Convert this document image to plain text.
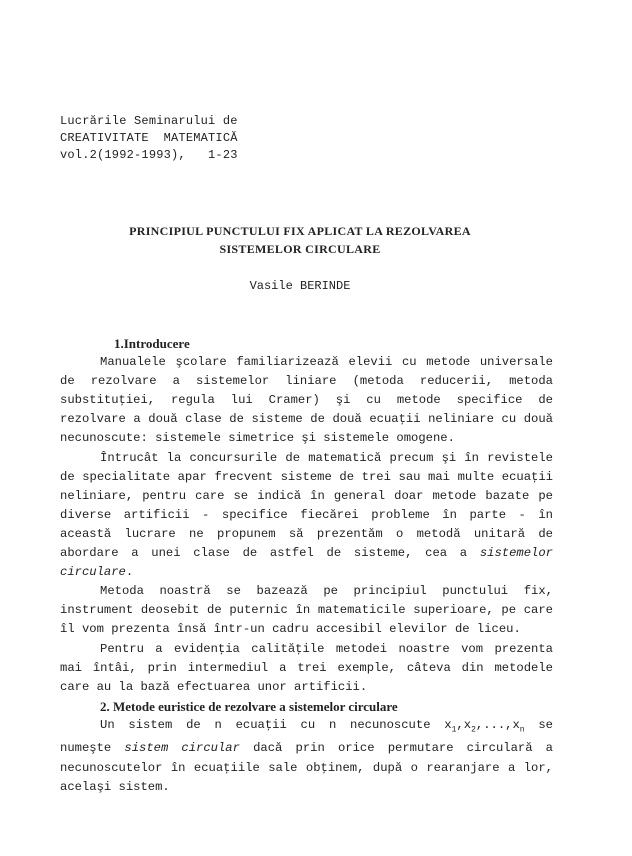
Lucrările Seminarului de
CREATIVITATE  MATEMATICĂ
vol.2(1992-1993),   1-23
PRINCIPIUL PUNCTULUI FIX APLICAT LA REZOLVAREA
SISTEMELOR CIRCULARE
Vasile BERINDE
1.Introducere

Manualele şcolare familiarizează elevii cu metode universale de rezolvare a sistemelor liniare (metoda reducerii, metoda substituţiei, regula lui Cramer) şi cu metode specifice de rezolvare a două clase de sisteme de două ecuaţii neliniare cu două necunoscute: sistemele simetrice şi sistemele omogene.

Întrucât la concursurile de matematică precum şi în revistele de specialitate apar frecvent sisteme de trei sau mai multe ecuaţii neliniare, pentru care se indică în general doar metode bazate pe diverse artificii - specifice fiecărei probleme în parte - în această lucrare ne propunem să prezentăm o metodă unitară de abordare a unei clase de astfel de sisteme, cea a sistemelor circulare.

Metoda noastră se bazează pe principiul punctului fix, instrument deosebit de puternic în matematicile superioare, pe care îl vom prezenta însă într-un cadru accesibil elevilor de liceu.

Pentru a evidenţia calităţile metodei noastre vom prezenta mai întâi, prin intermediul a trei exemple, câteva din metodele care au la bază efectuarea unor artificii.

2. Metode euristice de rezolvare a sistemelor circulare

Un sistem de n ecuaţii cu n necunoscute $x_1,x_2,...,x_n$ se numeşte sistem circular dacă prin orice permutare circulară a necunoscutelor în ecuaţiile sale obţinem, după o rearanjare a lor, acelaşi sistem.
